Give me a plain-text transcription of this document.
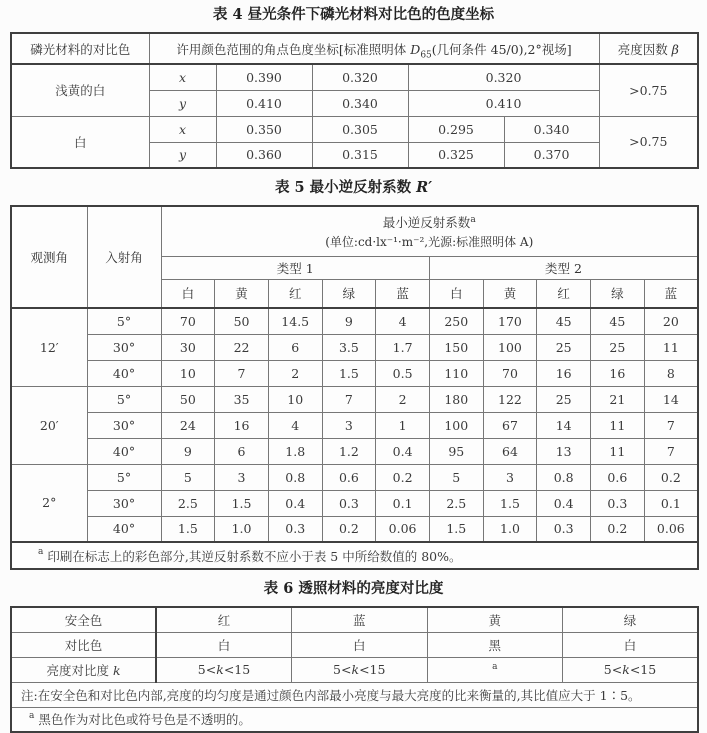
表 4 昼光条件下磷光材料对比色的色度坐标
磷光材料的对比色	许用颜色范围的角点色度坐标[标准照明体 $D_{65}$(几何条件 45/0),2°视场]					亮度因数 β
浅黄的白	x	0.390	0.320	0.320		>0.75
	y	0.410	0.340	0.410		
白	x	0.350	0.305	0.295	0.340	>0.75
	y	0.360	0.315	0.325	0.370	
表 5 最小逆反射系数 R′
观测角	入射角	最小逆反射系数$^a$
(单位:cd·lx⁻¹·m⁻²,光源:标准照明体 A)									

		类型 1					类型 2				
		白	黄	红	绿	蓝	白	黄	红	绿	蓝
12′	5°	70	50	14.5	9	4	250	170	45	45	20
	30°	30	22	6	3.5	1.7	150	100	25	25	11
	40°	10	7	2	1.5	0.5	110	70	16	16	8
20′	5°	50	35	10	7	2	180	122	25	21	14
	30°	24	16	4	3	1	100	67	14	11	7
	40°	9	6	1.8	1.2	0.4	95	64	13	11	7
2°	5°	5	3	0.8	0.6	0.2	5	3	0.8	0.6	0.2
	30°	2.5	1.5	0.4	0.3	0.1	2.5	1.5	0.4	0.3	0.1
	40°	1.5	1.0	0.3	0.2	0.06	1.5	1.0	0.3	0.2	0.06
$^a$ 印刷在标志上的彩色部分,其逆反射系数不应小于表 5 中所给数值的 80%。											
表 6 透照材料的亮度对比度
安全色	红	蓝	黄	绿
对比色	白	白	黑	白
亮度对比度 k	5<k<15	5<k<15	$^a$	5<k<15
注:在安全色和对比色内部,亮度的均匀度是通过颜色内部最小亮度与最大亮度的比来衡量的,其比值应大于 1∶5。				
$^a$ 黑色作为对比色或符号色是不透明的。				
